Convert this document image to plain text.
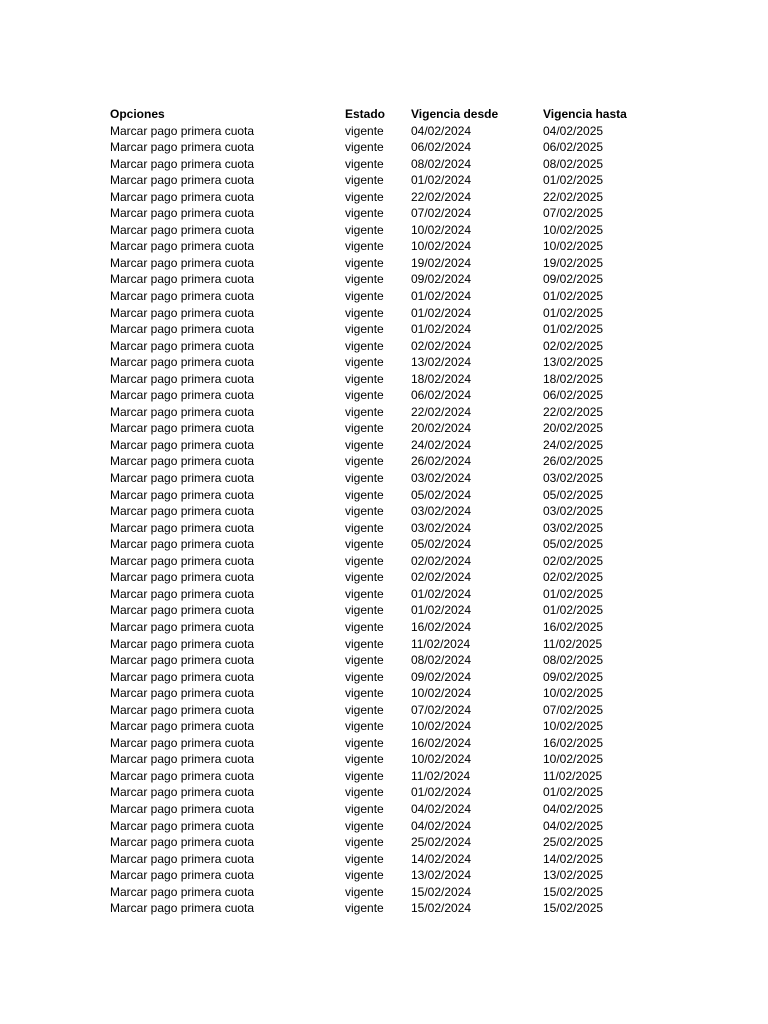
Opciones	Estado	Vigencia desde	Vigencia hasta
Marcar pago primera cuota	vigente	04/02/2024	04/02/2025
Marcar pago primera cuota	vigente	06/02/2024	06/02/2025
Marcar pago primera cuota	vigente	08/02/2024	08/02/2025
Marcar pago primera cuota	vigente	01/02/2024	01/02/2025
Marcar pago primera cuota	vigente	22/02/2024	22/02/2025
Marcar pago primera cuota	vigente	07/02/2024	07/02/2025
Marcar pago primera cuota	vigente	10/02/2024	10/02/2025
Marcar pago primera cuota	vigente	10/02/2024	10/02/2025
Marcar pago primera cuota	vigente	19/02/2024	19/02/2025
Marcar pago primera cuota	vigente	09/02/2024	09/02/2025
Marcar pago primera cuota	vigente	01/02/2024	01/02/2025
Marcar pago primera cuota	vigente	01/02/2024	01/02/2025
Marcar pago primera cuota	vigente	01/02/2024	01/02/2025
Marcar pago primera cuota	vigente	02/02/2024	02/02/2025
Marcar pago primera cuota	vigente	13/02/2024	13/02/2025
Marcar pago primera cuota	vigente	18/02/2024	18/02/2025
Marcar pago primera cuota	vigente	06/02/2024	06/02/2025
Marcar pago primera cuota	vigente	22/02/2024	22/02/2025
Marcar pago primera cuota	vigente	20/02/2024	20/02/2025
Marcar pago primera cuota	vigente	24/02/2024	24/02/2025
Marcar pago primera cuota	vigente	26/02/2024	26/02/2025
Marcar pago primera cuota	vigente	03/02/2024	03/02/2025
Marcar pago primera cuota	vigente	05/02/2024	05/02/2025
Marcar pago primera cuota	vigente	03/02/2024	03/02/2025
Marcar pago primera cuota	vigente	03/02/2024	03/02/2025
Marcar pago primera cuota	vigente	05/02/2024	05/02/2025
Marcar pago primera cuota	vigente	02/02/2024	02/02/2025
Marcar pago primera cuota	vigente	02/02/2024	02/02/2025
Marcar pago primera cuota	vigente	01/02/2024	01/02/2025
Marcar pago primera cuota	vigente	01/02/2024	01/02/2025
Marcar pago primera cuota	vigente	16/02/2024	16/02/2025
Marcar pago primera cuota	vigente	11/02/2024	11/02/2025
Marcar pago primera cuota	vigente	08/02/2024	08/02/2025
Marcar pago primera cuota	vigente	09/02/2024	09/02/2025
Marcar pago primera cuota	vigente	10/02/2024	10/02/2025
Marcar pago primera cuota	vigente	07/02/2024	07/02/2025
Marcar pago primera cuota	vigente	10/02/2024	10/02/2025
Marcar pago primera cuota	vigente	16/02/2024	16/02/2025
Marcar pago primera cuota	vigente	10/02/2024	10/02/2025
Marcar pago primera cuota	vigente	11/02/2024	11/02/2025
Marcar pago primera cuota	vigente	01/02/2024	01/02/2025
Marcar pago primera cuota	vigente	04/02/2024	04/02/2025
Marcar pago primera cuota	vigente	04/02/2024	04/02/2025
Marcar pago primera cuota	vigente	25/02/2024	25/02/2025
Marcar pago primera cuota	vigente	14/02/2024	14/02/2025
Marcar pago primera cuota	vigente	13/02/2024	13/02/2025
Marcar pago primera cuota	vigente	15/02/2024	15/02/2025
Marcar pago primera cuota	vigente	15/02/2024	15/02/2025
